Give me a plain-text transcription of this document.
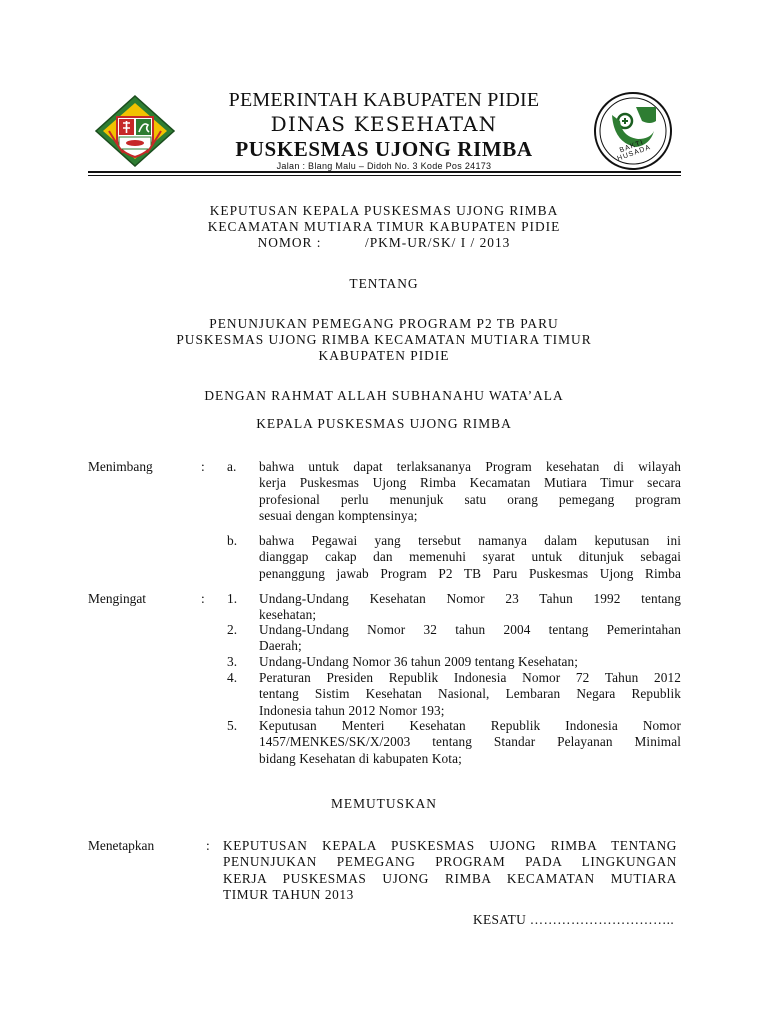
BAKTI HUSADA
PEMERINTAH KABUPATEN PIDIE
DINAS KESEHATAN
PUSKESMAS UJONG RIMBA
Jalan : Blang Malu – Didoh No. 3 Kode Pos 24173
KEPUTUSAN KEPALA PUSKESMAS UJONG RIMBA
KECAMATAN MUTIARA TIMUR KABUPATEN PIDIE
NOMOR :          /PKM-UR/SK/ I / 2013
TENTANG
PENUNJUKAN PEMEGANG PROGRAM P2 TB PARU
PUSKESMAS UJONG RIMBA KECAMATAN MUTIARA TIMUR
KABUPATEN PIDIE
DENGAN RAHMAT ALLAH SUBHANAHU WATA’ALA
KEPALA PUSKESMAS UJONG RIMBA
Menimbang	: a. bahwa untuk dapat terlaksananya Program kesehatan di wilayah
kerja Puskesmas Ujong Rimba Kecamatan Mutiara Timur secara
profesional perlu menunjuk satu orang pemegang program
sesuai dengan komptensinya;
b. bahwa Pegawai yang tersebut namanya dalam keputusan ini
dianggap cakap dan memenuhi syarat untuk ditunjuk sebagai
penanggung jawab Program P2 TB Paru Puskesmas Ujong Rimba
Mengingat	: 1. Undang-Undang Kesehatan Nomor 23 Tahun 1992 tentang
kesehatan;
2. Undang-Undang Nomor 32 tahun 2004 tentang Pemerintahan
Daerah;
3. Undang-Undang Nomor 36 tahun 2009 tentang Kesehatan;
4. Peraturan Presiden Republik Indonesia Nomor 72 Tahun 2012
tentang Sistim Kesehatan Nasional, Lembaran Negara Republik
Indonesia tahun 2012 Nomor 193;
5. Keputusan Menteri Kesehatan Republik Indonesia Nomor
1457/MENKES/SK/X/2003 tentang Standar Pelayanan Minimal
bidang Kesehatan di kabupaten Kota;
MEMUTUSKAN
Menetapkan	: KEPUTUSAN KEPALA PUSKESMAS UJONG RIMBA TENTANG
PENUNJUKAN PEMEGANG PROGRAM PADA LINGKUNGAN
KERJA PUSKESMAS UJONG RIMBA KECAMATAN MUTIARA
TIMUR TAHUN 2013
KESATU …………………………..
